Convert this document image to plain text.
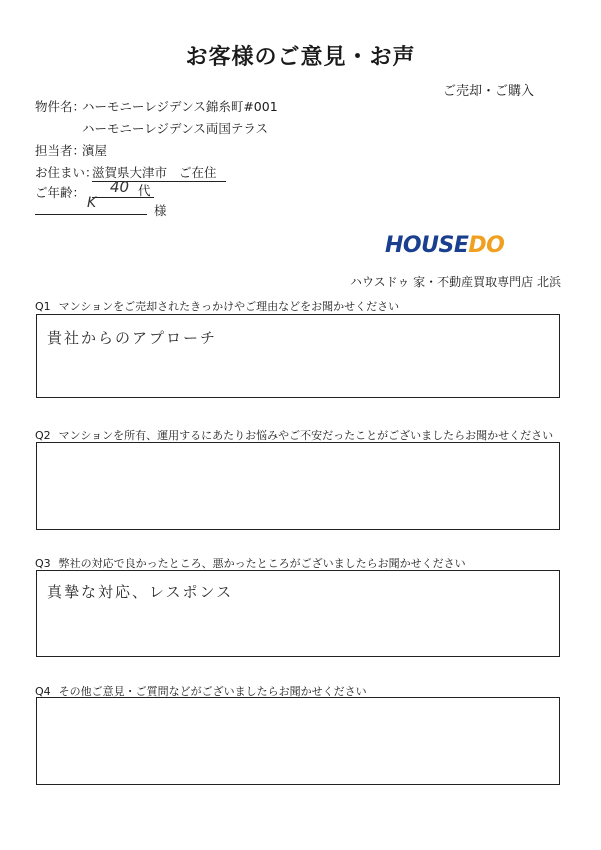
お客様のご意見・お声
ご売却・ご購入
物件名：
ハーモニーレジデンス錦糸町#001
ハーモニーレジデンス両国テラス
担当者：
濱屋
お住まい：
滋賀県大津市 ご在住
ご年齢： 40 代
K	様
HOUSEDO
ハウスドゥ 家・不動産買取専門店 北浜
Q1 マンションをご売却されたきっかけやご理由などをお聞かせください
貴社からのアプローチ
Q2 マンションを所有、運用するにあたりお悩みやご不安だったことがございましたらお聞かせください
Q3 弊社の対応で良かったところ、悪かったところがございましたらお聞かせください
真摯な対応、レスポンス
Q4 その他ご意見・ご質問などがございましたらお聞かせください
